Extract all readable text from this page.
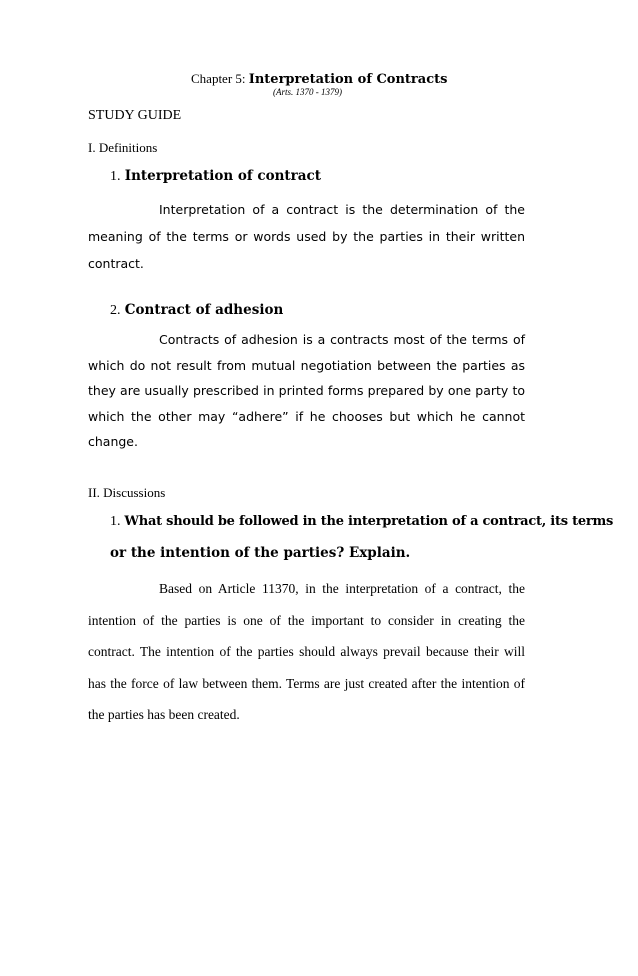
Chapter 5: Interpretation of Contracts
(Arts. 1370 - 1379)
STUDY GUIDE
I. Definitions
1. Interpretation of contract
Interpretation of a contract is the determination of the meaning of the terms or words used by the parties in their written contract.
2. Contract of adhesion
Contracts of adhesion is a contracts most of the terms of which do not result from mutual negotiation between the parties as they are usually prescribed in printed forms prepared by one party to which the other may “adhere” if he chooses but which he cannot change.
II. Discussions
1. What should be followed in the interpretation of a contract, its terms
or the intention of the parties? Explain.
Based on Article 11370, in the interpretation of a contract, the intention of the parties is one of the important to consider in creating the contract. The intention of the parties should always prevail because their will has the force of law between them. Terms are just created after the intention of the parties has been created.
